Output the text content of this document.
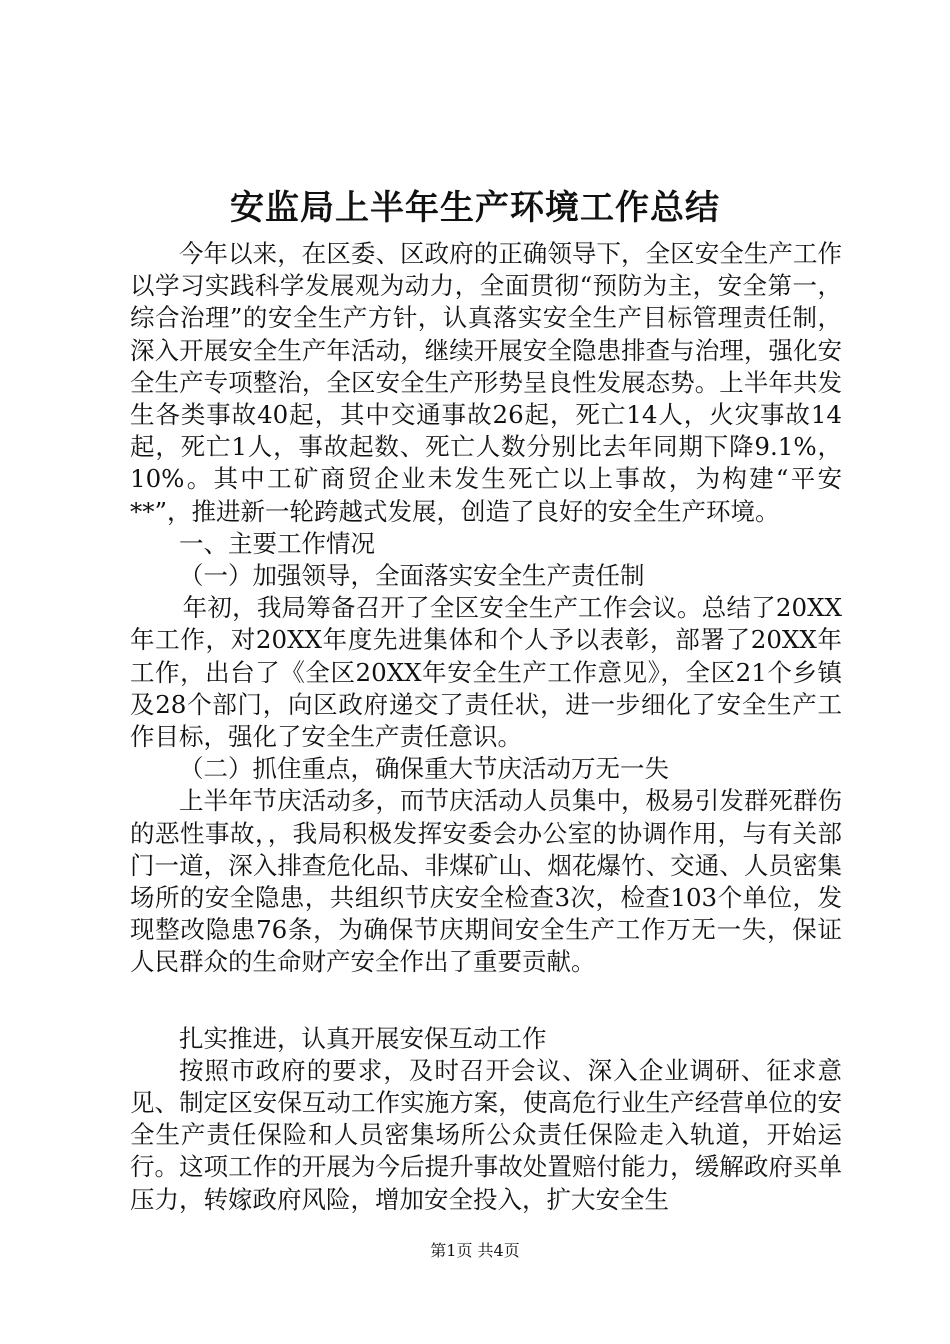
安监局上半年生产环境工作总结

今年以来，在区委、区政府的正确领导下，全区安全生产工作以学习实践科学发展观为动力，全面贯彻“预防为主，安全第一，综合治理”的安全生产方针，认真落实安全生产目标管理责任制，深入开展安全生产年活动，继续开展安全隐患排查与治理，强化安全生产专项整治，全区安全生产形势呈良性发展态势。上半年共发生各类事故40起，其中交通事故26起，死亡14人，火灾事故14起，死亡1人，事故起数、死亡人数分别比去年同期下降9.1%，10%。其中工矿商贸企业未发生死亡以上事故，为构建“平安**”，推进新一轮跨越式发展，创造了良好的安全生产环境。

一、主要工作情况

（一）加强领导，全面落实安全生产责任制

年初，我局筹备召开了全区安全生产工作会议。总结了20XX年工作，对20XX年度先进集体和个人予以表彰，部署了20XX年工作，出台了《全区20XX年安全生产工作意见》，全区21个乡镇及28个部门，向区政府递交了责任状，进一步细化了安全生产工作目标，强化了安全生产责任意识。

（二）抓住重点，确保重大节庆活动万无一失

上半年节庆活动多，而节庆活动人员集中，极易引发群死群伤的恶性事故，，我局积极发挥安委会办公室的协调作用，与有关部门一道，深入排查危化品、非煤矿山、烟花爆竹、交通、人员密集场所的安全隐患，共组织节庆安全检查3次，检查103个单位，发现整改隐患76条，为确保节庆期间安全生产工作万无一失，保证人民群众的生命财产安全作出了重要贡献。

扎实推进，认真开展安保互动工作

按照市政府的要求，及时召开会议、深入企业调研、征求意见、制定区安保互动工作实施方案，使高危行业生产经营单位的安全生产责任保险和人员密集场所公众责任保险走入轨道，开始运行。这项工作的开展为今后提升事故处置赔付能力，缓解政府买单压力，转嫁政府风险，增加安全投入，扩大安全生

第1页 共4页
